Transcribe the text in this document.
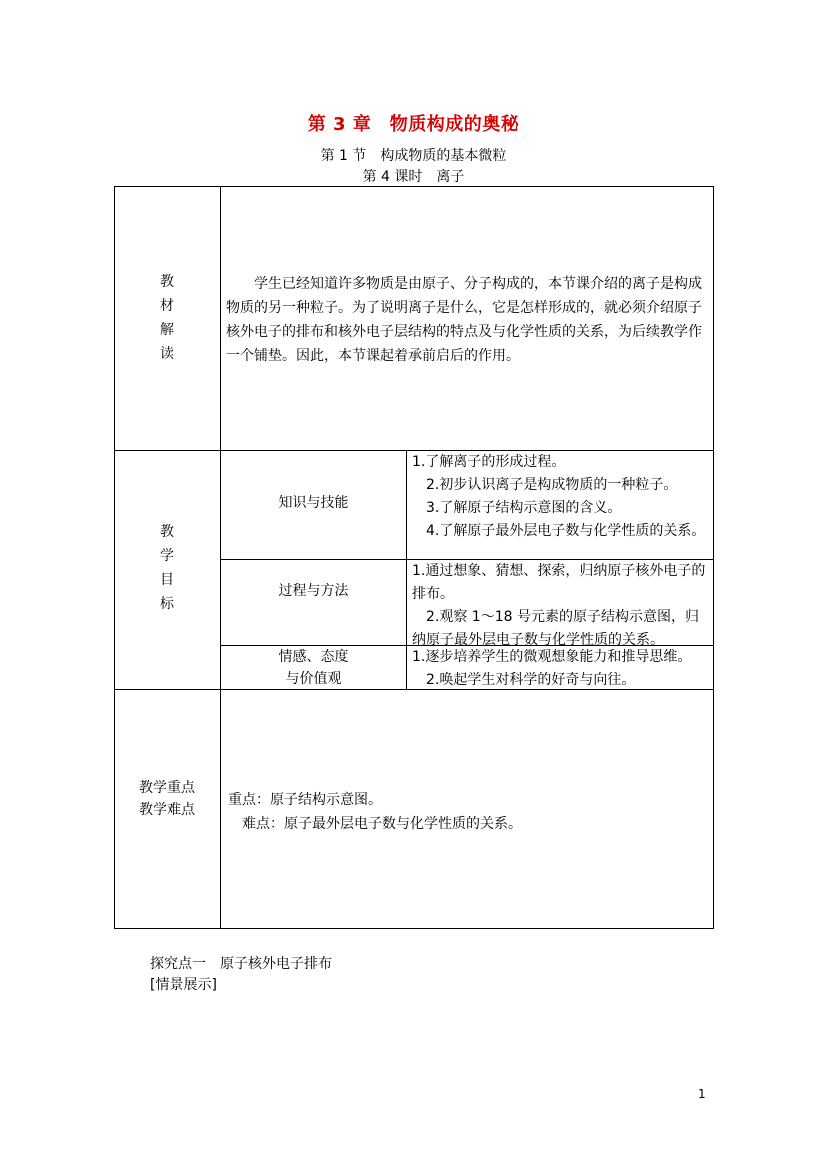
第 3 章　物质构成的奥秘
第 1 节　构成物质的基本微粒
第 4 课时　离子
教
材
解
读
学生已经知道许多物质是由原子、分子构成的，本节课介绍的离子是构成物质的另一种粒子。为了说明离子是什么，它是怎样形成的，就必须介绍原子核外电子的排布和核外电子层结构的特点及与化学性质的关系，为后续教学作一个铺垫。因此，本节课起着承前启后的作用。
教
学
目
标
知识与技能
1.了解离子的形成过程。
2.初步认识离子是构成物质的一种粒子。
3.了解原子结构示意图的含义。
4.了解原子最外层电子数与化学性质的关系。
过程与方法
1.通过想象、猜想、探索，归纳原子核外电子的排布。
2.观察 1～18 号元素的原子结构示意图，归纳原子最外层电子数与化学性质的关系。
情感、态度
与价值观
1.逐步培养学生的微观想象能力和推导思维。
2.唤起学生对科学的好奇与向往。
教学重点
教学难点
重点：原子结构示意图。
难点：原子最外层电子数与化学性质的关系。
探究点一　原子核外电子排布
[情景展示]
1
